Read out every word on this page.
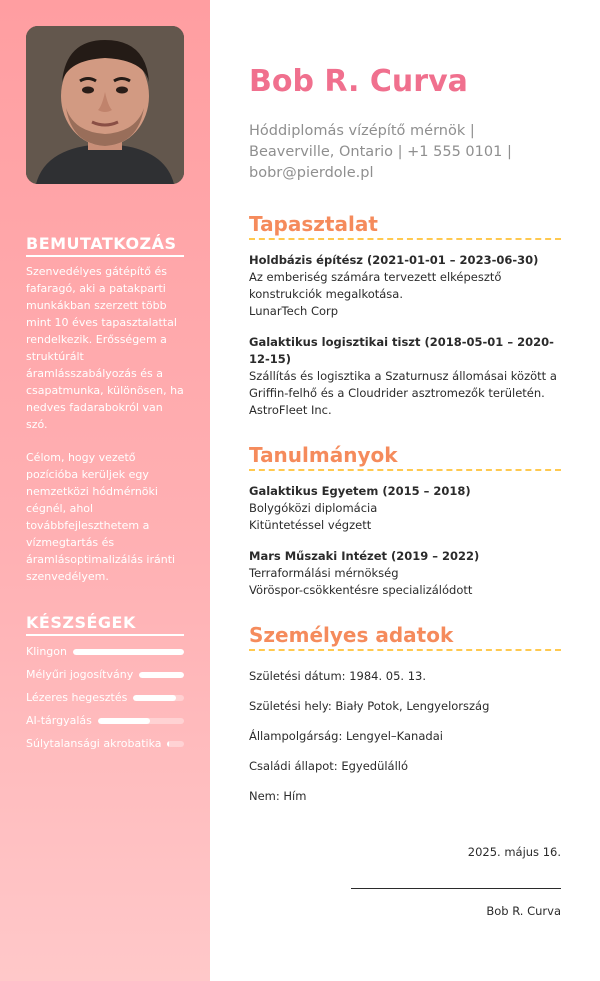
BEMUTATKOZÁS

Szenvedélyes gátépítő és fafaragó, aki a patakparti munkákban szerzett több mint 10 éves tapasztalattal rendelkezik. Erősségem a struktúrált áramlásszabályozás és a csapatmunka, különösen, ha nedves fadarabokról van szó.

Célom, hogy vezető pozícióba kerüljek egy nemzetközi hódmérnöki cégnél, ahol továbbfejleszthetem a vízmegtartás és áramlásoptimalizálás iránti szenvedélyem.

KÉSZSÉGEK
Klingon
Mélyűri jogosítvány
Lézeres hegesztés
AI-tárgyalás
Súlytalansági akrobatika
Bob R. Curva

Hóddiplomás vízépítő mérnök | Beaverville, Ontario | +1 555 0101 | bobr@pierdole.pl

Tapasztalat
Holdbázis építész (2021-01-01 – 2023-06-30)
Az emberiség számára tervezett elképesztő konstrukciók megalkotása.
LunarTech Corp
Galaktikus logisztikai tiszt (2018-05-01 – 2020-12-15)
Szállítás és logisztika a Szaturnusz állomásai között a Griffin-felhő és a Cloudrider asztromezők területén.
AstroFleet Inc.
Tanulmányok
Galaktikus Egyetem (2015 – 2018)
Bolygóközi diplomácia
Kitüntetéssel végzett
Mars Műszaki Intézet (2019 – 2022)
Terraformálási mérnökség
Vöröspor-csökkentésre specializálódott
Személyes adatok
Születési dátum: 1984. 05. 13.
Születési hely: Biały Potok, Lengyelország
Állampolgárság: Lengyel–Kanadai
Családi állapot: Egyedülálló
Nem: Hím
2025. május 16.
Bob R. Curva
